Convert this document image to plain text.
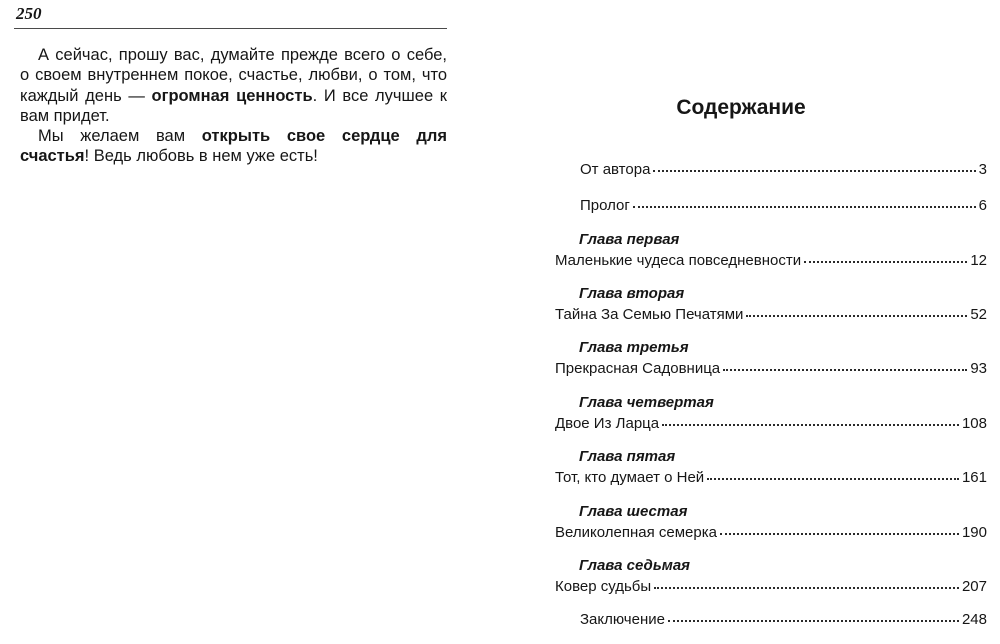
250

А сейчас, прошу вас, думайте прежде всего о себе, о своем внутреннем покое, счастье, любви, о том, что каждый день — огромная ценность. И все лучшее к вам придет.

Мы желаем вам открыть свое сердце для счастья! Ведь любовь в нем уже есть!

Содержание
От автора	3
Пролог	6
Глава первая
Маленькие чудеса повседневности	12
Глава вторая
Тайна За Семью Печатями	52
Глава третья
Прекрасная Садовница	93
Глава четвертая
Двое Из Ларца	108
Глава пятая
Тот, кто думает о Ней	161
Глава шестая
Великолепная семерка	190
Глава седьмая
Ковер судьбы	207
Заключение	248
